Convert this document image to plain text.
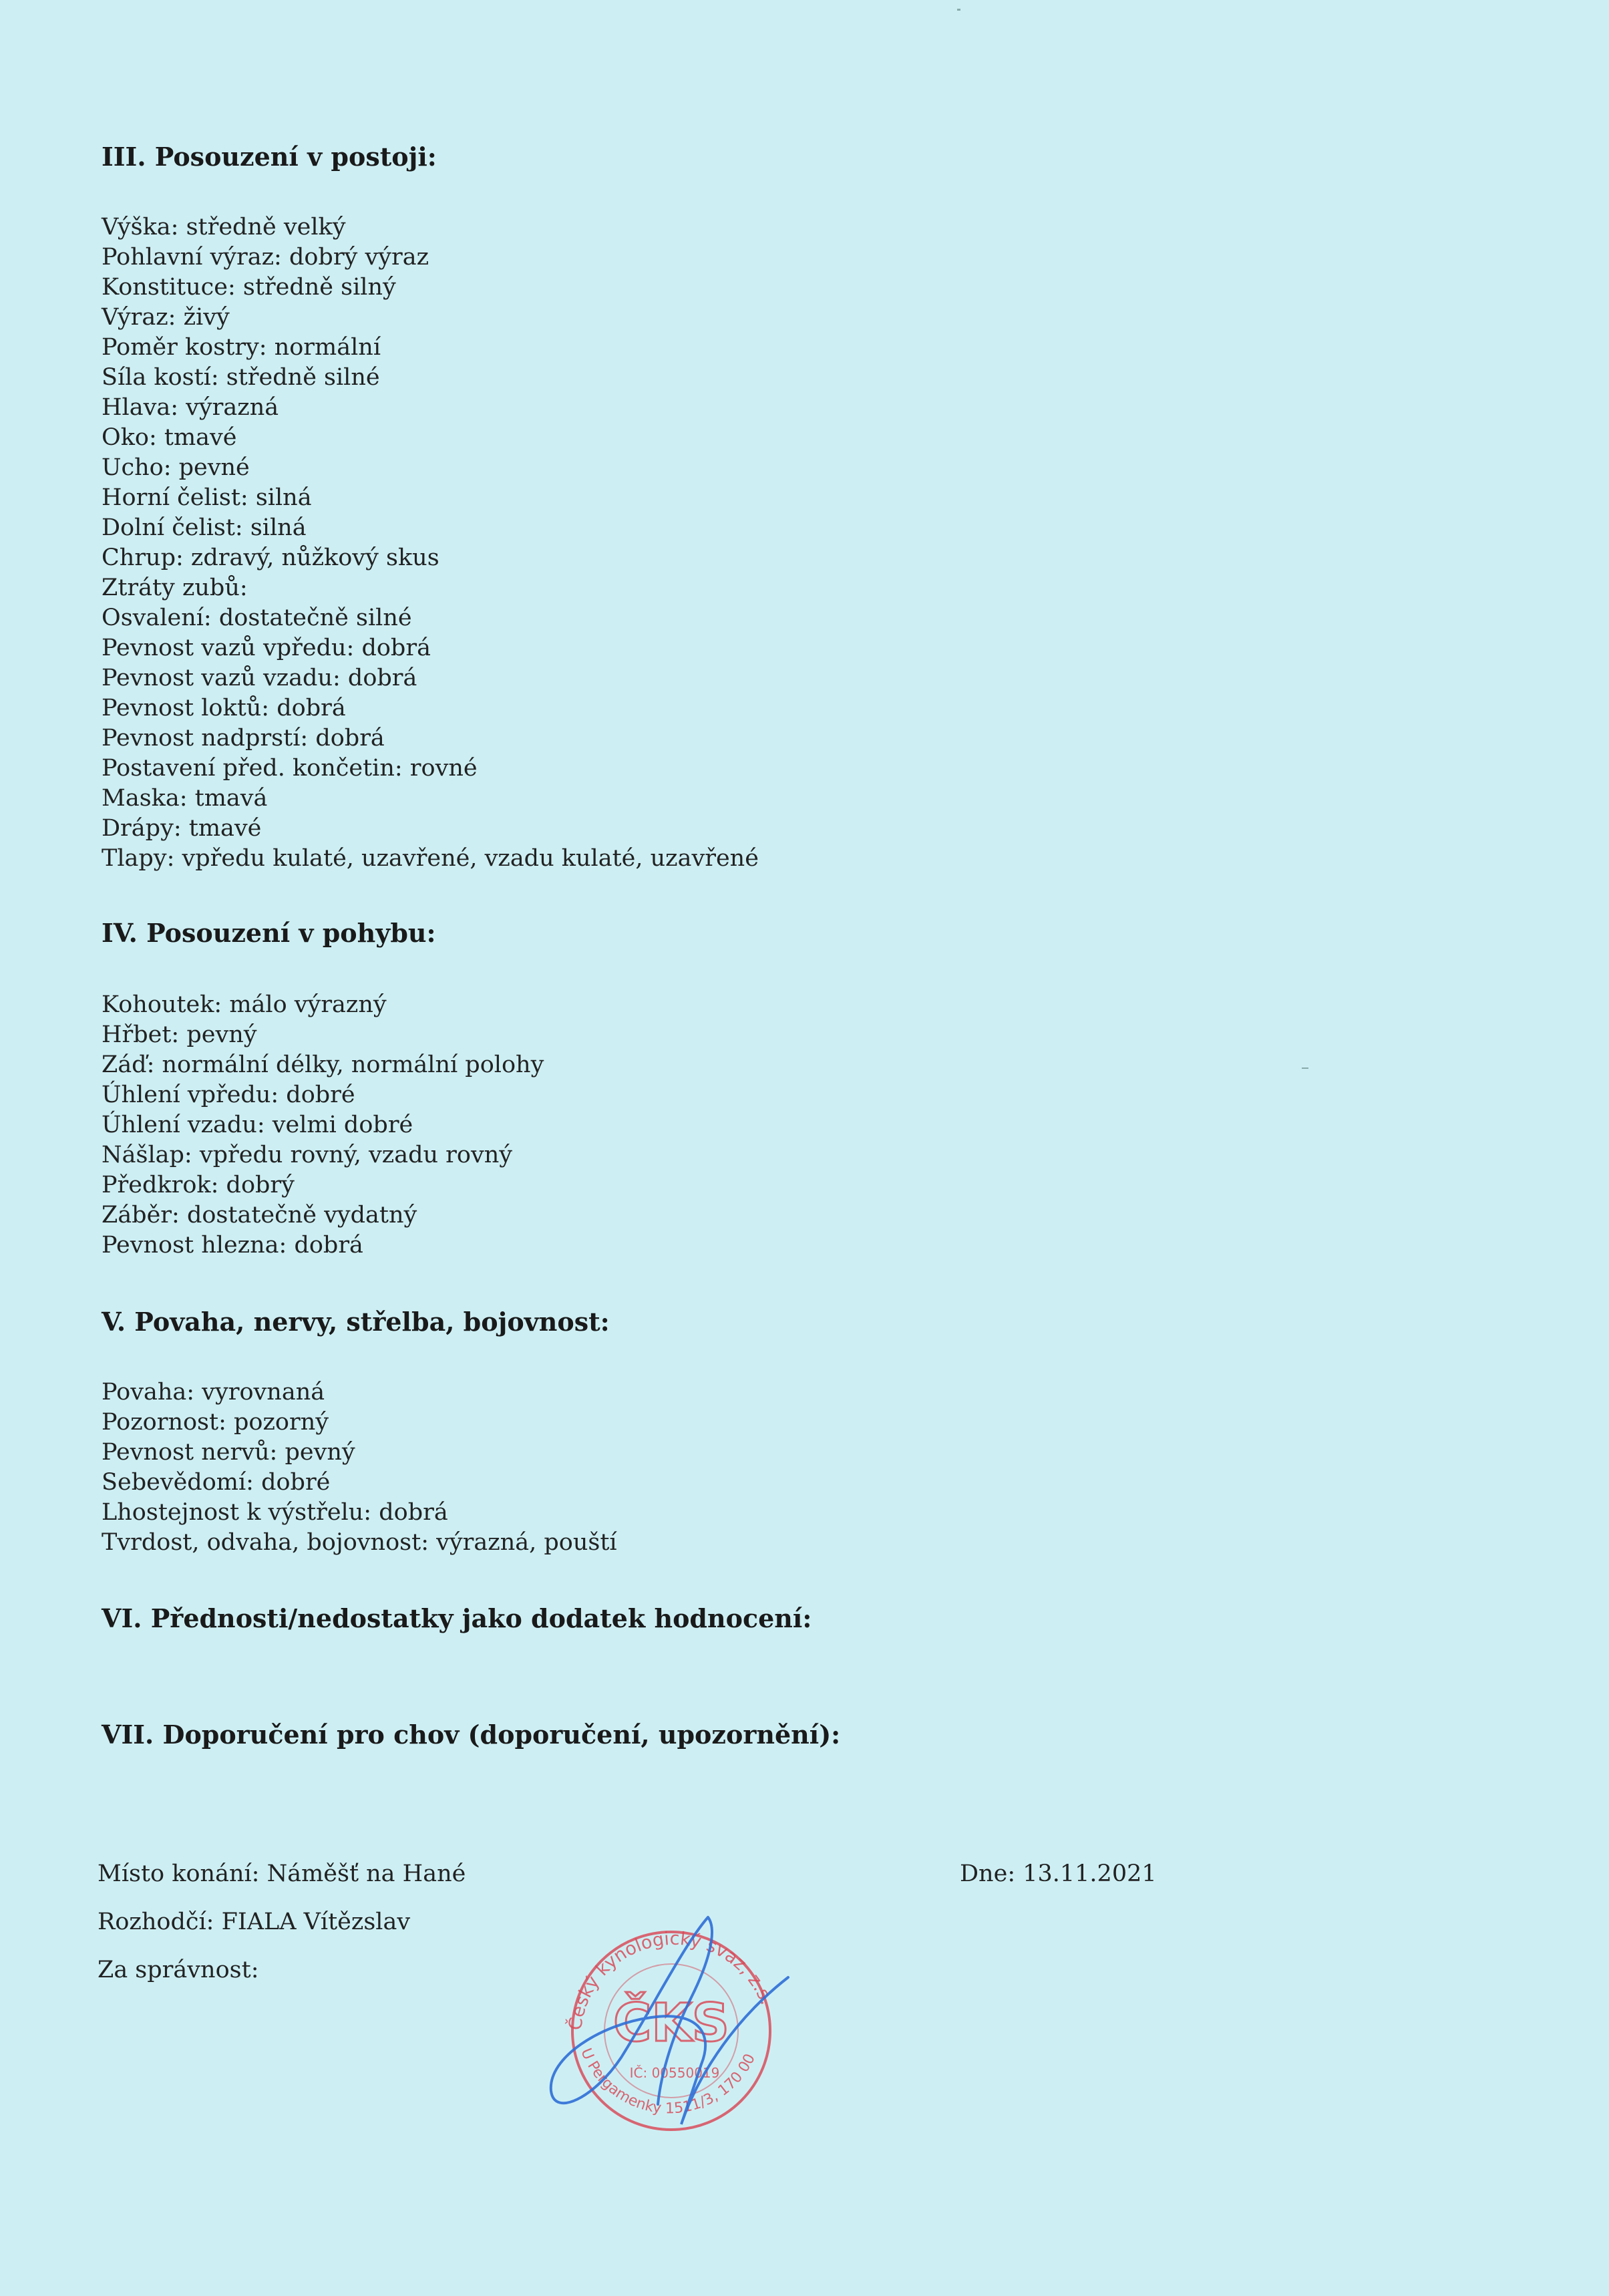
III. Posouzení v postoji:
Výška: středně velký
Pohlavní výraz: dobrý výraz
Konstituce: středně silný
Výraz: živý
Poměr kostry: normální
Síla kostí: středně silné
Hlava: výrazná
Oko: tmavé
Ucho: pevné
Horní čelist: silná
Dolní čelist: silná
Chrup: zdravý, nůžkový skus
Ztráty zubů:
Osvalení: dostatečně silné
Pevnost vazů vpředu: dobrá
Pevnost vazů vzadu: dobrá
Pevnost loktů: dobrá
Pevnost nadprstí: dobrá
Postavení před. končetin: rovné
Maska: tmavá
Drápy: tmavé
Tlapy: vpředu kulaté, uzavřené, vzadu kulaté, uzavřené
IV. Posouzení v pohybu:
Kohoutek: málo výrazný
Hřbet: pevný
Záď: normální délky, normální polohy
Úhlení vpředu: dobré
Úhlení vzadu: velmi dobré
Nášlap: vpředu rovný, vzadu rovný
Předkrok: dobrý
Záběr: dostatečně vydatný
Pevnost hlezna: dobrá
V. Povaha, nervy, střelba, bojovnost:
Povaha: vyrovnaná
Pozornost: pozorný
Pevnost nervů: pevný
Sebevědomí: dobré
Lhostejnost k výstřelu: dobrá
Tvrdost, odvaha, bojovnost: výrazná, pouští
VI. Přednosti/nedostatky jako dodatek hodnocení:
VII. Doporučení pro chov (doporučení, upozornění):
Místo konání: Náměšť na Hané	Dne: 13.11.2021
Rozhodčí: FIALA Vítězslav
Za správnost:
Český kynologický svaz, z.s.
U Pergamenky 1511/3, 170 00
ČKS
IČ: 00550019
